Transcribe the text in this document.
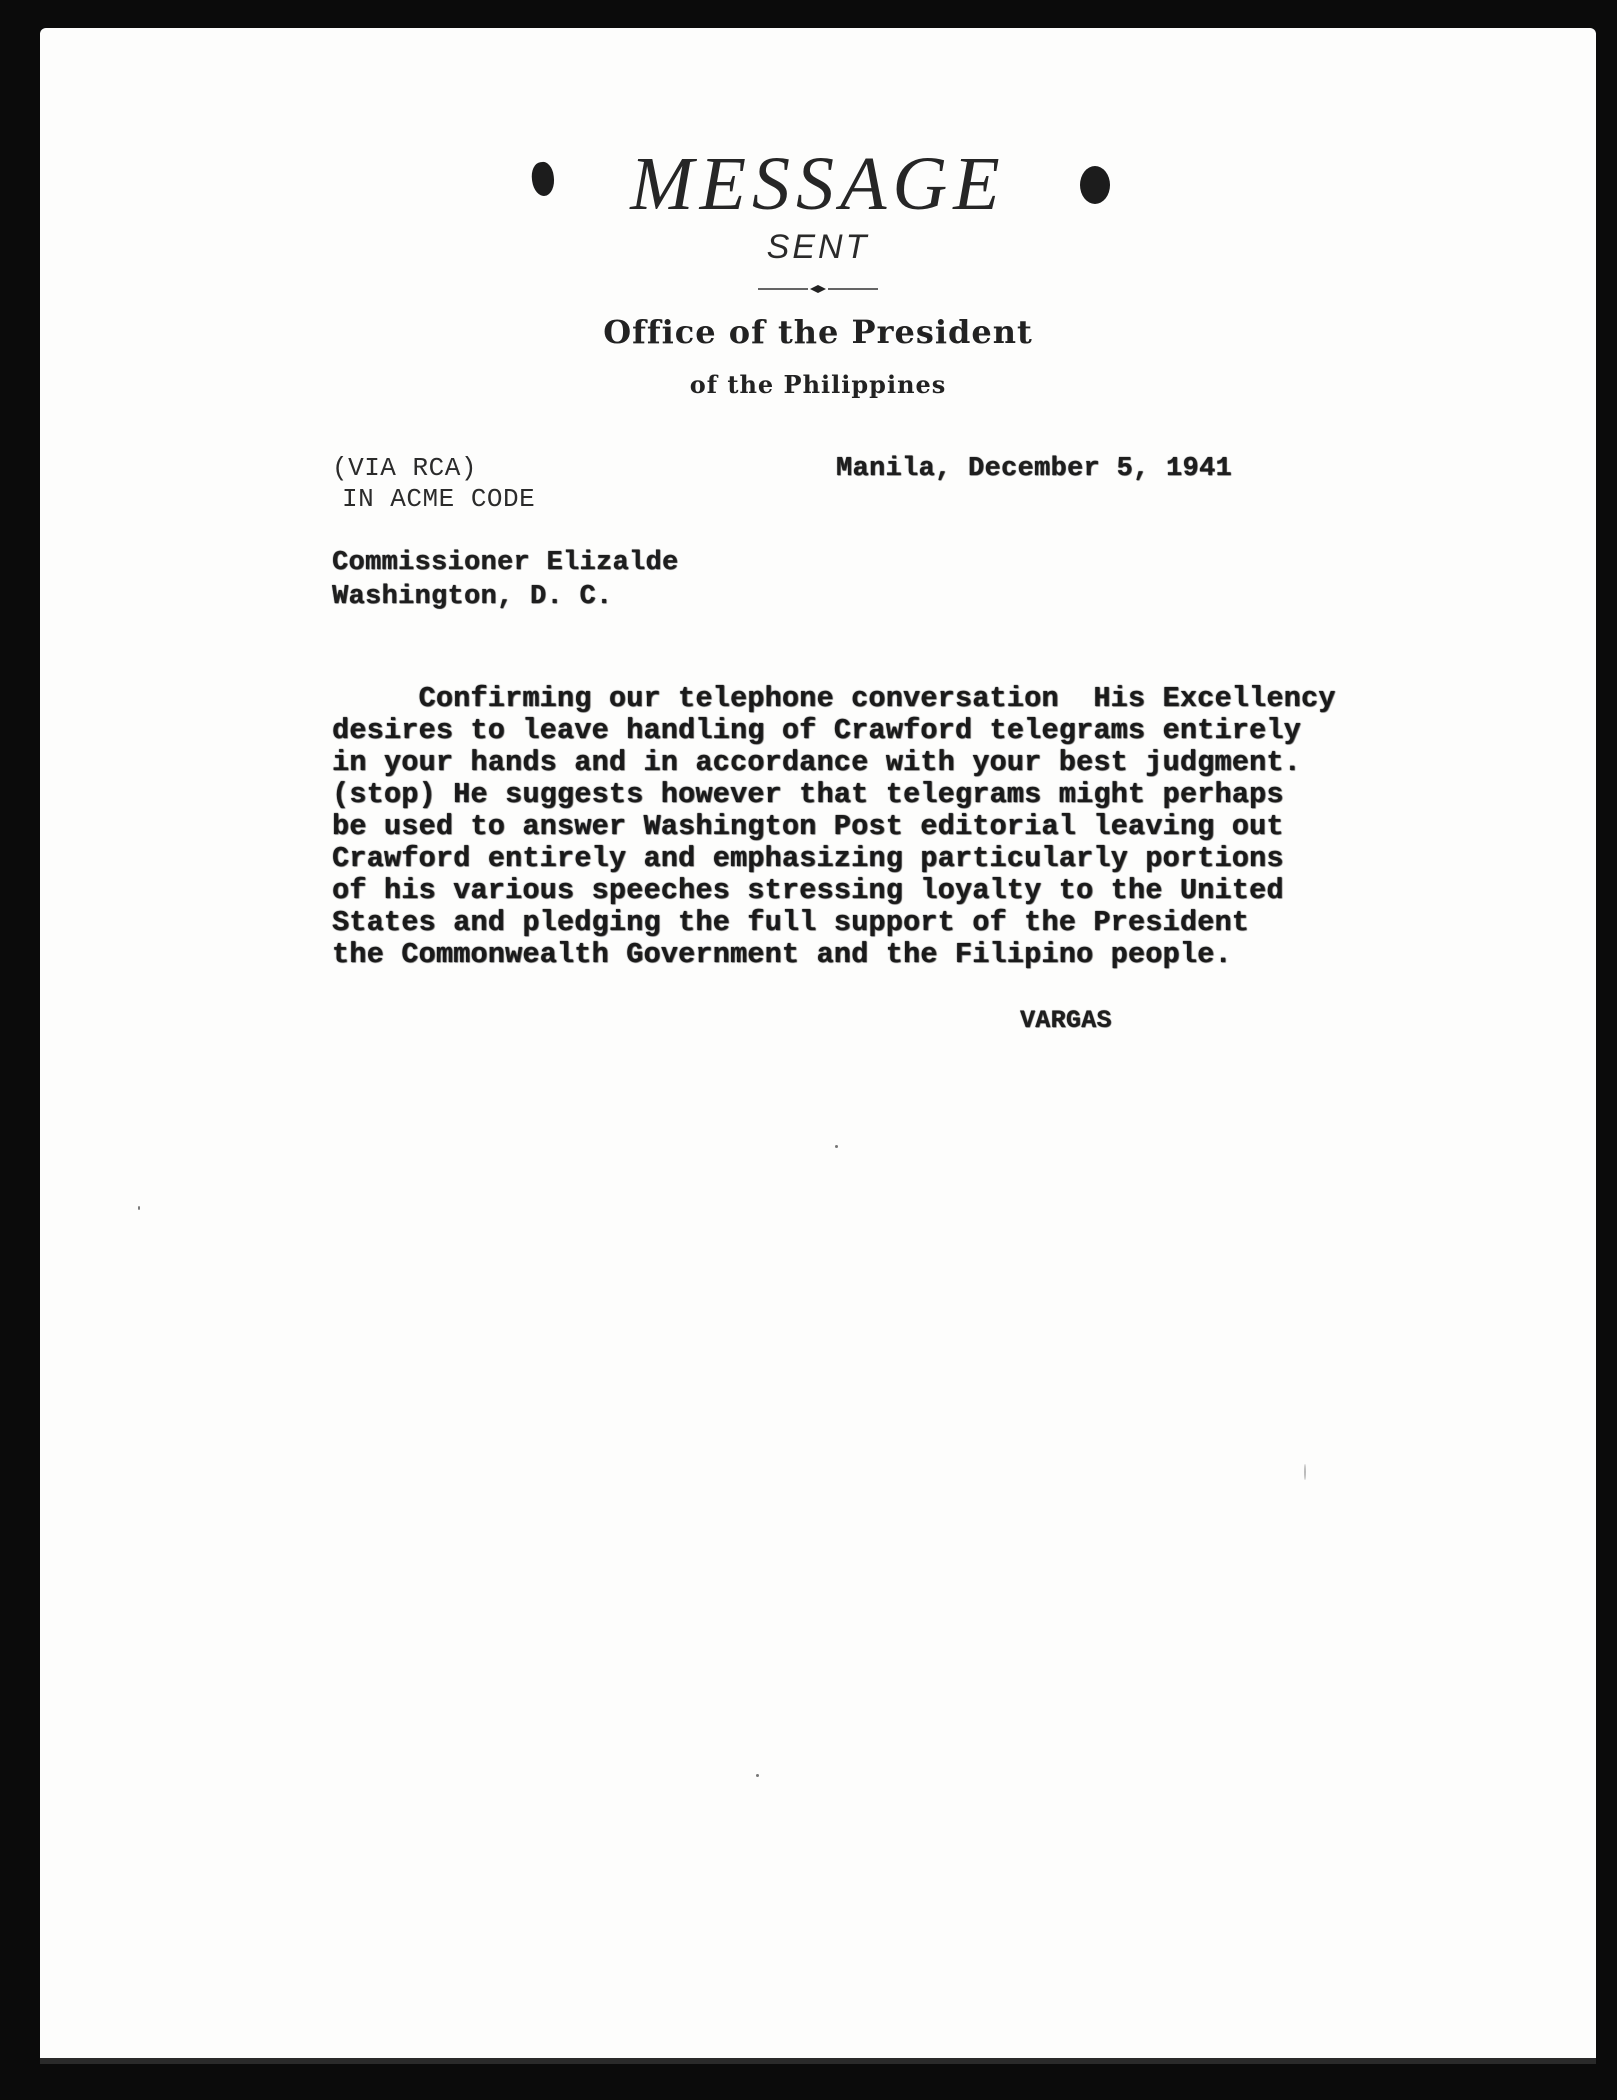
MESSAGE
SENT
Office of the President
of the Philippines
(VIA RCA)
IN ACME CODE
Manila, December 5, 1941
Commissioner Elizalde
Washington, D. C.
Confirming our telephone conversation  His Excellency
desires to leave handling of Crawford telegrams entirely
in your hands and in accordance with your best judgment.
(stop) He suggests however that telegrams might perhaps
be used to answer Washington Post editorial leaving out
Crawford entirely and emphasizing particularly portions
of his various speeches stressing loyalty to the United
States and pledging the full support of the President
the Commonwealth Government and the Filipino people.
VARGAS
